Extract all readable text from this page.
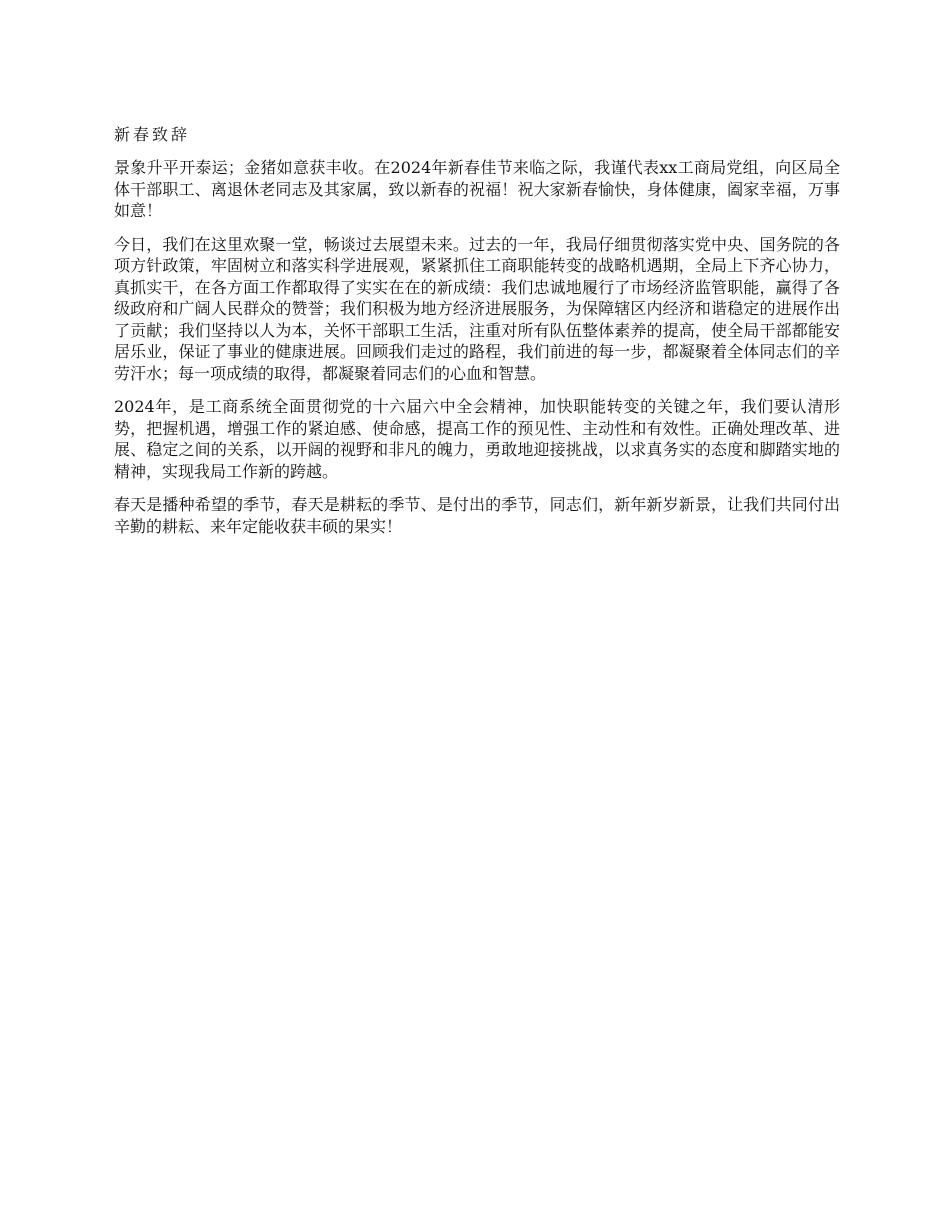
新春致辞

景象升平开泰运；金猪如意获丰收。在2024年新春佳节来临之际，我谨代表xx工商局党组，向区局全体干部职工、离退休老同志及其家属，致以新春的祝福！祝大家新春愉快，身体健康，阖家幸福，万事如意！

今日，我们在这里欢聚一堂，畅谈过去展望未来。过去的一年，我局仔细贯彻落实党中央、国务院的各项方针政策，牢固树立和落实科学进展观，紧紧抓住工商职能转变的战略机遇期，全局上下齐心协力，真抓实干，在各方面工作都取得了实实在在的新成绩：我们忠诚地履行了市场经济监管职能，赢得了各级政府和广阔人民群众的赞誉；我们积极为地方经济进展服务，为保障辖区内经济和谐稳定的进展作出了贡献；我们坚持以人为本，关怀干部职工生活，注重对所有队伍整体素养的提高，使全局干部都能安居乐业，保证了事业的健康进展。回顾我们走过的路程，我们前进的每一步，都凝聚着全体同志们的辛劳汗水；每一项成绩的取得，都凝聚着同志们的心血和智慧。

2024年，是工商系统全面贯彻党的十六届六中全会精神，加快职能转变的关键之年，我们要认清形势，把握机遇，增强工作的紧迫感、使命感，提高工作的预见性、主动性和有效性。正确处理改革、进展、稳定之间的关系，以开阔的视野和非凡的魄力，勇敢地迎接挑战，以求真务实的态度和脚踏实地的精神，实现我局工作新的跨越。

春天是播种希望的季节，春天是耕耘的季节、是付出的季节，同志们，新年新岁新景，让我们共同付出辛勤的耕耘、来年定能收获丰硕的果实！
